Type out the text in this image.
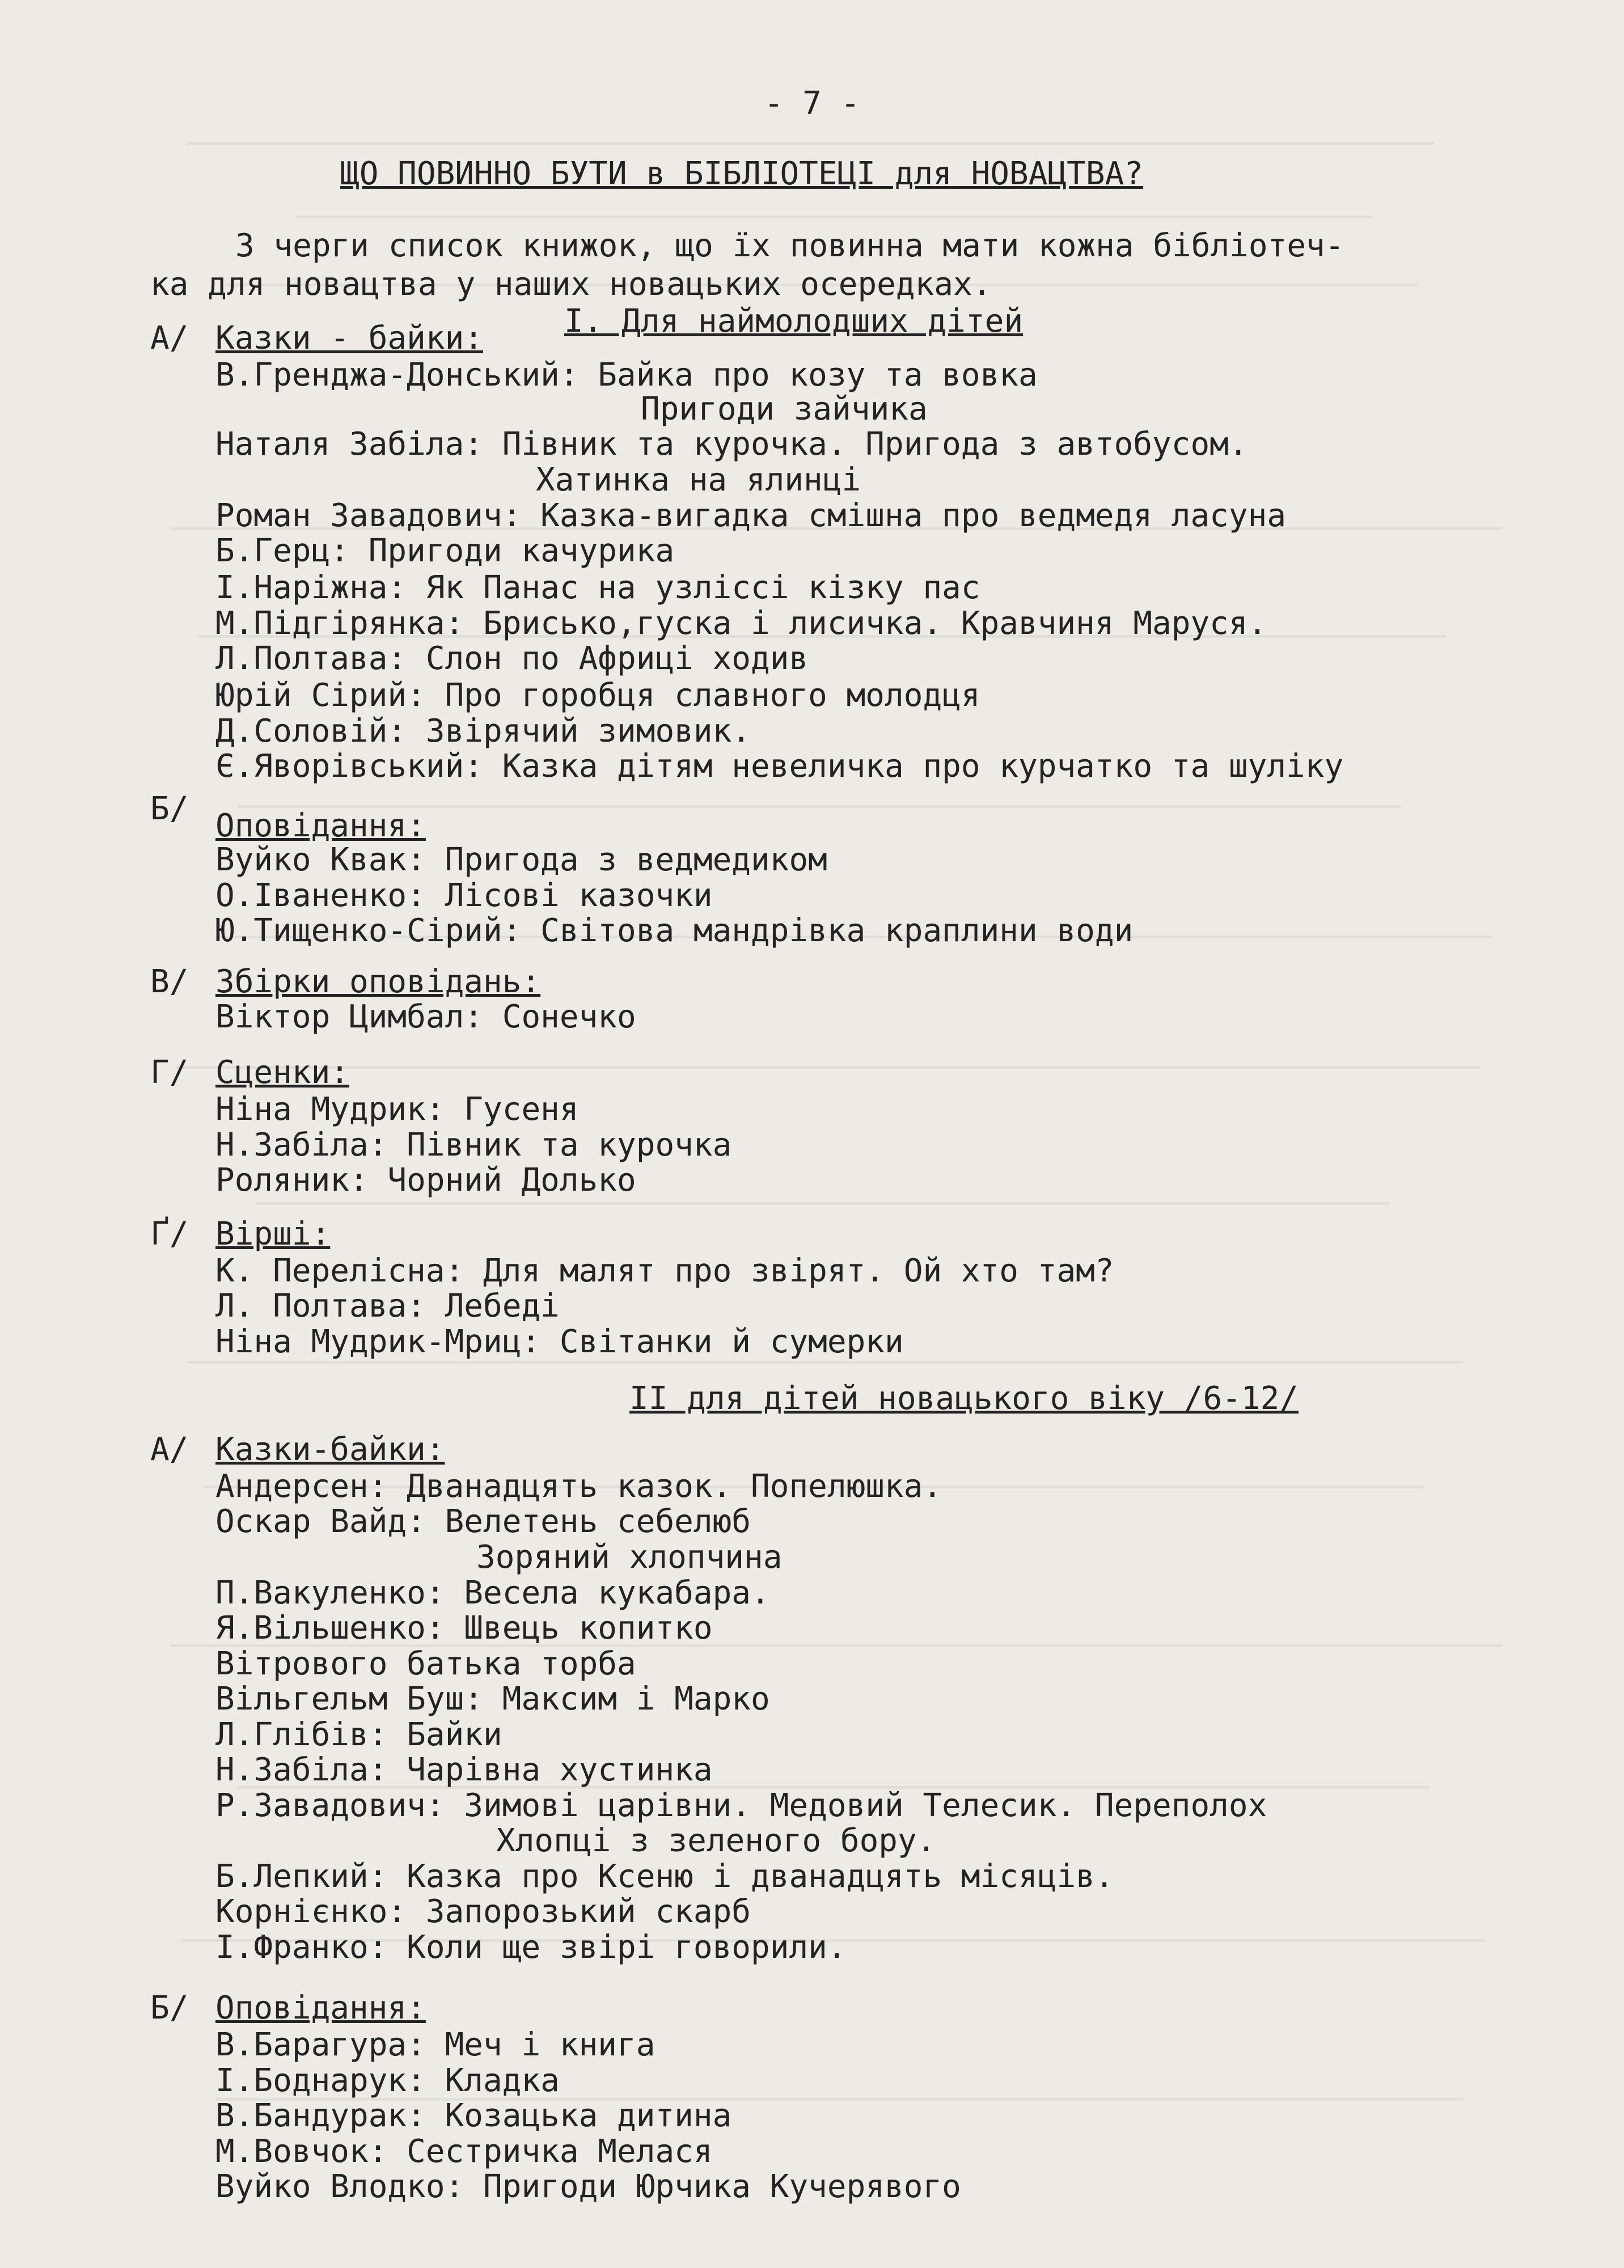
- 7 -
ЩО ПОВИННО БУТИ в БІБЛІОТЕЦІ для НОВАЦТВА?
З черги список книжок, що їх повинна мати кожна бібліотеч-
ка для новацтва у наших новацьких осередках.
I. Для наймолодших дітей
А/ Казки - байки:
В.Гренджа-Донський: Байка про козу та вовка
Пригоди зайчика
Наталя Забіла: Півник та курочка. Пригода з автобусом.
Хатинка на ялинці
Роман Завадович: Казка-вигадка смішна про ведмедя ласуна
Б.Герц: Пригоди качурика
І.Наріжна: Як Панас на узліссі кізку пас
М.Підгірянка: Брисько,гуска і лисичка. Кравчиня Маруся.
Л.Полтава: Слон по Африці ходив
Юрій Сірий: Про горобця славного молодця
Д.Соловій: Звірячий зимовик.
Є.Яворівський: Казка дітям невеличка про курчатко та шуліку
Б/ Оповідання:
Вуйко Квак: Пригода з ведмедиком
О.Іваненко: Лісові казочки
Ю.Тищенко-Сірий: Світова мандрівка краплини води
В/ Збірки оповідань:
Віктор Цимбал: Сонечко
Г/ Сценки:
Ніна Мудрик: Гусеня
Н.Забіла: Півник та курочка
Роляник: Чорний Долько
Ґ/ Вірші:
К. Перелісна: Для малят про звірят. Ой хто там?
Л. Полтава: Лебеді
Ніна Мудрик-Мриц: Світанки й сумерки
II для дітей новацького віку /6-12/
А/ Казки-байки:
Андерсен: Дванадцять казок. Попелюшка.
Оскар Вайд: Велетень себелюб
Зоряний хлопчина
П.Вакуленко: Весела кукабара.
Я.Вільшенко: Швець копитко
Вітрового батька торба
Вільгельм Буш: Максим і Марко
Л.Глібів: Байки
Н.Забіла: Чарівна хустинка
Р.Завадович: Зимові царівни. Медовий Телесик. Переполох
Хлопці з зеленого бору.
Б.Лепкий: Казка про Ксеню і дванадцять місяців.
Корнієнко: Запорозький скарб
І.Франко: Коли ще звірі говорили.
Б/ Оповідання:
В.Барагура: Меч і книга
І.Боднарук: Кладка
В.Бандурак: Козацька дитина
М.Вовчок: Сестричка Мелася
Вуйко Влодко: Пригоди Юрчика Кучерявого
